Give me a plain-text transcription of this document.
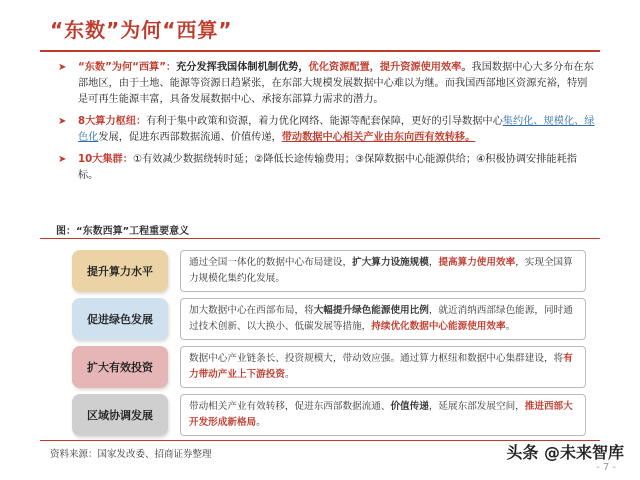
“东数”为何“西算”
➤ “东数”为何“西算”：充分发挥我国体制机制优势，优化资源配置，提升资源使用效率。我国数据中心大多分布在东部地区，由于土地、能源等资源日趋紧张，在东部大规模发展数据中心难以为继。而我国西部地区资源充裕，特别是可再生能源丰富，具备发展数据中心、承接东部算力需求的潜力。
➤ 8大算力枢纽：有利于集中政策和资源，着力优化网络、能源等配套保障，更好的引导数据中心集约化、规模化、绿色化发展，促进东西部数据流通、价值传递，带动数据中心相关产业由东向西有效转移。
➤ 10大集群：①有效减少数据绕转时延；②降低长途传输费用；③保障数据中心能源供给；④积极协调安排能耗指标。
图：“东数西算”工程重要意义
提升算力水平
通过全国一体化的数据中心布局建设，扩大算力设施规模，提高算力使用效率，实现全国算力规模化集约化发展。
促进绿色发展
加大数据中心在西部布局，将大幅提升绿色能源使用比例，就近消纳西部绿色能源，同时通过技术创新、以大换小、低碳发展等措施，持续优化数据中心能源使用效率。
扩大有效投资
数据中心产业链条长、投资规模大，带动效应强。通过算力枢纽和数据中心集群建设，将有力带动产业上下游投资。
区域协调发展
带动相关产业有效转移，促进东西部数据流通、价值传递，延展东部发展空间，推进西部大开发形成新格局。
资料来源：国家发改委、招商证券整理	头条 @未来智库
- 7 -
